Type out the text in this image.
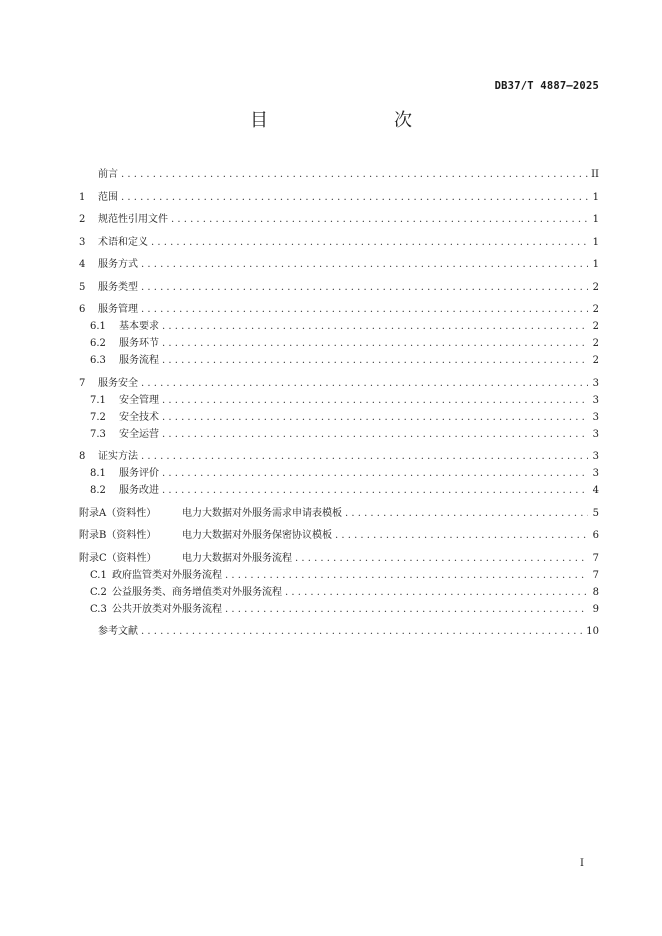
DB37/T 4887—2025
目　　次
前言 . . .	II
1	范围 . . .	1
2	规范性引用文件 . . .	1
3	术语和定义 . . .	1
4	服务方式 . . .	1
5	服务类型 . . .	2
6	服务管理 . . .	2
6.1	基本要求 . . .	2
6.2	服务环节 . . .	2
6.3	服务流程 . . .	2
7	服务安全 . . .	3
7.1	安全管理 . . .	3
7.2	安全技术 . . .	3
7.3	安全运营 . . .	3
8	证实方法 . . .	3
8.1	服务评价 . . .	3
8.2	服务改进 . . .	4
附录A（资料性）	电力大数据对外服务需求申请表模板 . . .	5
附录B（资料性）	电力大数据对外服务保密协议模板 . . .	6
附录C（资料性）	电力大数据对外服务流程 . . .	7
C.1 政府监管类对外服务流程 . . .	7
C.2 公益服务类、商务增值类对外服务流程 . . .	8
C.3 公共开放类对外服务流程 . . .	9
参考文献 . . .	10
I
